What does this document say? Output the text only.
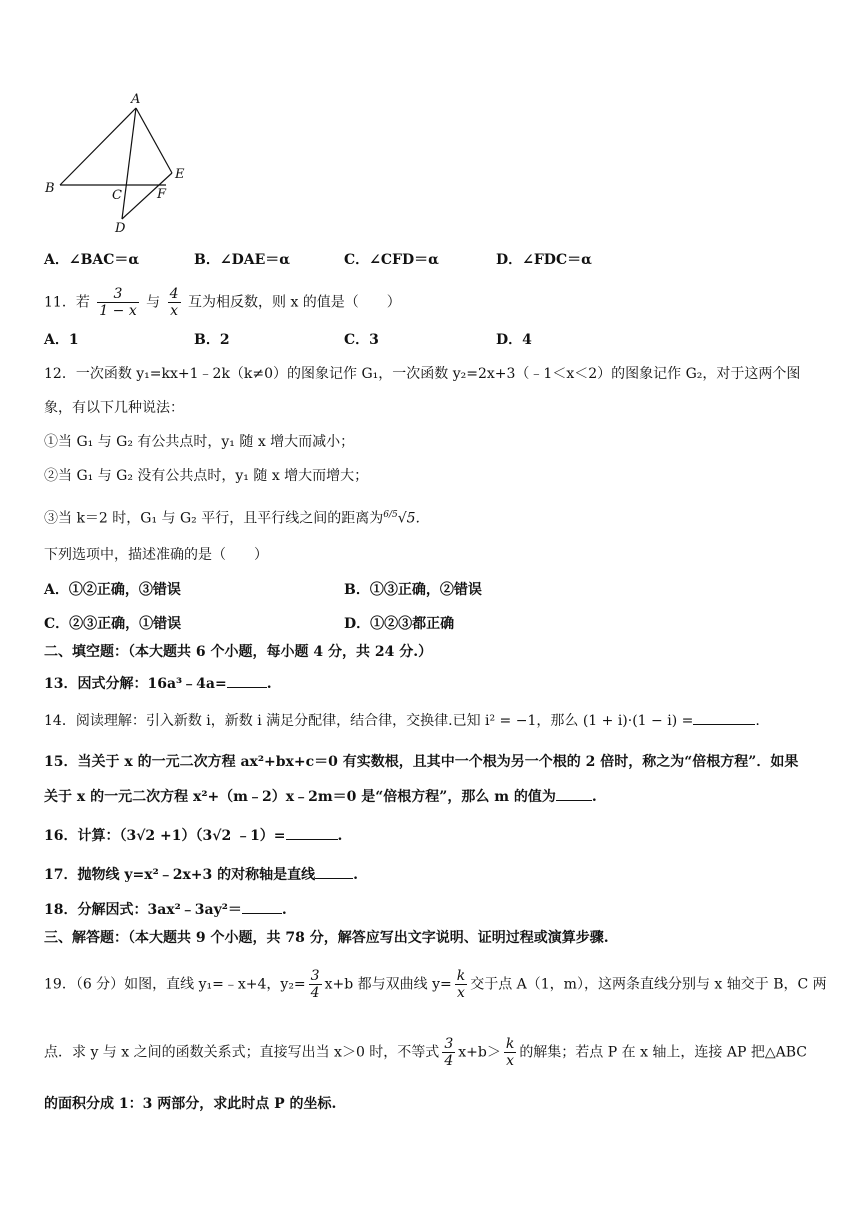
A
B	C
D
E
F
A．∠BAC＝α	B．∠DAE＝α	C．∠CFD＝α	D．∠FDC＝α
11．若 $\frac{3}{1 - x}$ 与 $\frac{4}{x}$ 互为相反数，则 x 的值是（　　）
A．1	B．2	C．3	D．4
12．一次函数 y₁=kx+1﹣2k（k≠0）的图象记作 G₁，一次函数 y₂=2x+3（﹣1＜x＜2）的图象记作 G₂，对于这两个图
象，有以下几种说法：
①当 G₁ 与 G₂ 有公共点时，y₁ 随 x 增大而减小；
②当 G₁ 与 G₂ 没有公共点时，y₁ 随 x 增大而增大；
③当 k＝2 时，G₁ 与 G₂ 平行，且平行线之间的距离为$^{6/5}$√5.
下列选项中，描述准确的是（　　）
A．①②正确，③错误	B．①③正确，②错误
C．②③正确，①错误	D．①②③都正确
二、填空题：（本大题共 6 个小题，每小题 4 分，共 24 分.）
13．因式分解：16a³﹣4a=	.
14．阅读理解：引入新数 i，新数 i 满足分配律，结合律，交换律.已知 i² = −1，那么 (1 + i)·(1 − i) =	.
15．当关于 x 的一元二次方程 ax²+bx+c＝0 有实数根，且其中一个根为另一个根的 2 倍时，称之为“倍根方程”．如果
关于 x 的一元二次方程 x²+（m﹣2）x﹣2m＝0 是“倍根方程”，那么 m 的值为	.
16．计算：（3√2 +1）（3√2 ﹣1）=	.
17．抛物线 y=x²﹣2x+3 的对称轴是直线	.
18．分解因式：3ax²﹣3ay²＝	.
三、解答题：（本大题共 9 个小题，共 78 分，解答应写出文字说明、证明过程或演算步骤.
19．（6 分）如图，直线 y₁=﹣x+4，$y_2= \frac{3}{4} x+b$ 都与双曲线 $y= \frac{k}{x}$ 交于点 A（1，m），这两条直线分别与 x 轴交于 B，C 两
点．求 y 与 x 之间的函数关系式；直接写出当 x＞0 时，不等式 $\frac{3}{4} x+b> \frac{k}{x}$ 的解集；若点 P 在 x 轴上，连接 AP 把△ABC
的面积分成 1：3 两部分，求此时点 P 的坐标.
